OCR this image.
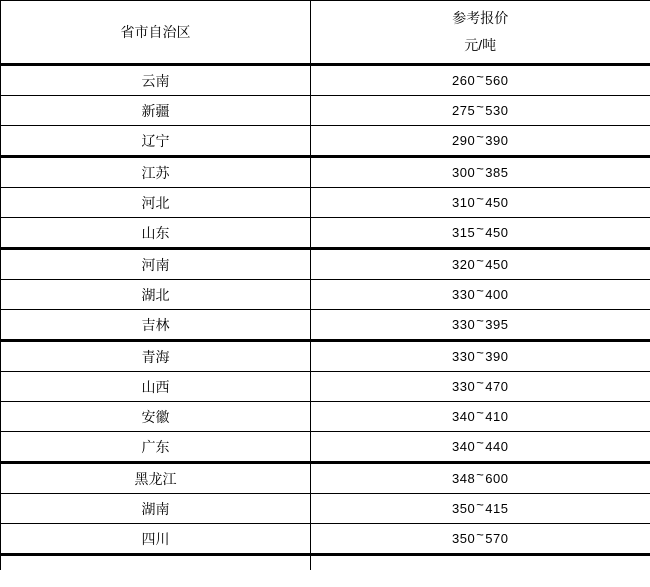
省市自治区	参考报价
元/吨

云南	260~560
新疆	275~530
辽宁	290~390
江苏	300~385
河北	310~450
山东	315~450
河南	320~450
湖北	330~400
吉林	330~395
青海	330~390
山西	330~470
安徽	340~410
广东	340~440
黑龙江	348~600
湖南	350~415
四川	350~570
